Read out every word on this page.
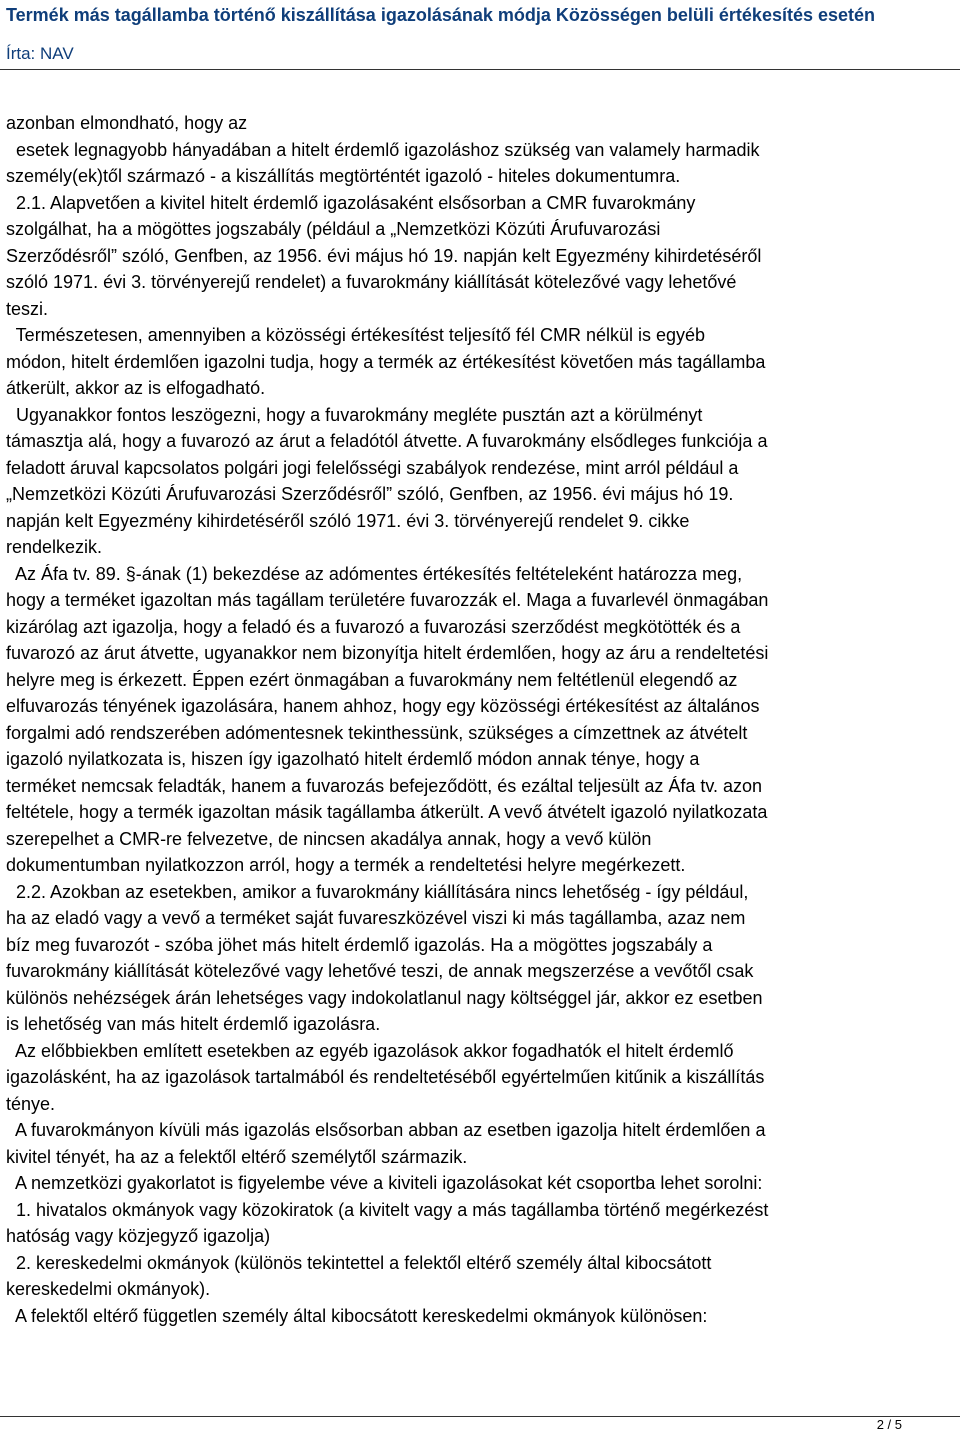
Termék más tagállamba történő kiszállítása igazolásának módja Közösségen belüli értékesítés esetén
Írta: NAV
azonban elmondható, hogy az
esetek legnagyobb hányadában a hitelt érdemlő igazoláshoz szükség van valamely harmadik
személy(ek)től származó - a kiszállítás megtörténtét igazoló - hiteles dokumentumra.
2.1. Alapvetően a kivitel hitelt érdemlő igazolásaként elsősorban a CMR fuvarokmány
szolgálhat, ha a mögöttes jogszabály (például a „Nemzetközi Közúti Árufuvarozási
Szerződésről” szóló, Genfben, az 1956. évi május hó 19. napján kelt Egyezmény kihirdetéséről
szóló 1971. évi 3. törvényerejű rendelet) a fuvarokmány kiállítását kötelezővé vagy lehetővé
teszi.
Természetesen, amennyiben a közösségi értékesítést teljesítő fél CMR nélkül is egyéb
módon, hitelt érdemlően igazolni tudja, hogy a termék az értékesítést követően más tagállamba
átkerült, akkor az is elfogadható.
Ugyanakkor fontos leszögezni, hogy a fuvarokmány megléte pusztán azt a körülményt
támasztja alá, hogy a fuvarozó az árut a feladótól átvette. A fuvarokmány elsődleges funkciója a
feladott áruval kapcsolatos polgári jogi felelősségi szabályok rendezése, mint arról például a
„Nemzetközi Közúti Árufuvarozási Szerződésről” szóló, Genfben, az 1956. évi május hó 19.
napján kelt Egyezmény kihirdetéséről szóló 1971. évi 3. törvényerejű rendelet 9. cikke
rendelkezik.
Az Áfa tv. 89. §-ának (1) bekezdése az adómentes értékesítés feltételeként határozza meg,
hogy a terméket igazoltan más tagállam területére fuvarozzák el. Maga a fuvarlevél önmagában
kizárólag azt igazolja, hogy a feladó és a fuvarozó a fuvarozási szerződést megkötötték és a
fuvarozó az árut átvette, ugyanakkor nem bizonyítja hitelt érdemlően, hogy az áru a rendeltetési
helyre meg is érkezett. Éppen ezért önmagában a fuvarokmány nem feltétlenül elegendő az
elfuvarozás tényének igazolására, hanem ahhoz, hogy egy közösségi értékesítést az általános
forgalmi adó rendszerében adómentesnek tekinthessünk, szükséges a címzettnek az átvételt
igazoló nyilatkozata is, hiszen így igazolható hitelt érdemlő módon annak ténye, hogy a
terméket nemcsak feladták, hanem a fuvarozás befejeződött, és ezáltal teljesült az Áfa tv. azon
feltétele, hogy a termék igazoltan másik tagállamba átkerült. A vevő átvételt igazoló nyilatkozata
szerepelhet a CMR-re felvezetve, de nincsen akadálya annak, hogy a vevő külön
dokumentumban nyilatkozzon arról, hogy a termék a rendeltetési helyre megérkezett.
2.2. Azokban az esetekben, amikor a fuvarokmány kiállítására nincs lehetőség - így például,
ha az eladó vagy a vevő a terméket saját fuvareszközével viszi ki más tagállamba, azaz nem
bíz meg fuvarozót - szóba jöhet más hitelt érdemlő igazolás. Ha a mögöttes jogszabály a
fuvarokmány kiállítását kötelezővé vagy lehetővé teszi, de annak megszerzése a vevőtől csak
különös nehézségek árán lehetséges vagy indokolatlanul nagy költséggel jár, akkor ez esetben
is lehetőség van más hitelt érdemlő igazolásra.
Az előbbiekben említett esetekben az egyéb igazolások akkor fogadhatók el hitelt érdemlő
igazolásként, ha az igazolások tartalmából és rendeltetéséből egyértelműen kitűnik a kiszállítás
ténye.
A fuvarokmányon kívüli más igazolás elsősorban abban az esetben igazolja hitelt érdemlően a
kivitel tényét, ha az a felektől eltérő személytől származik.
A nemzetközi gyakorlatot is figyelembe véve a kiviteli igazolásokat két csoportba lehet sorolni:
1. hivatalos okmányok vagy közokiratok (a kivitelt vagy a más tagállamba történő megérkezést
hatóság vagy közjegyző igazolja)
2. kereskedelmi okmányok (különös tekintettel a felektől eltérő személy által kibocsátott
kereskedelmi okmányok).
A felektől eltérő független személy által kibocsátott kereskedelmi okmányok különösen:
2 / 5
